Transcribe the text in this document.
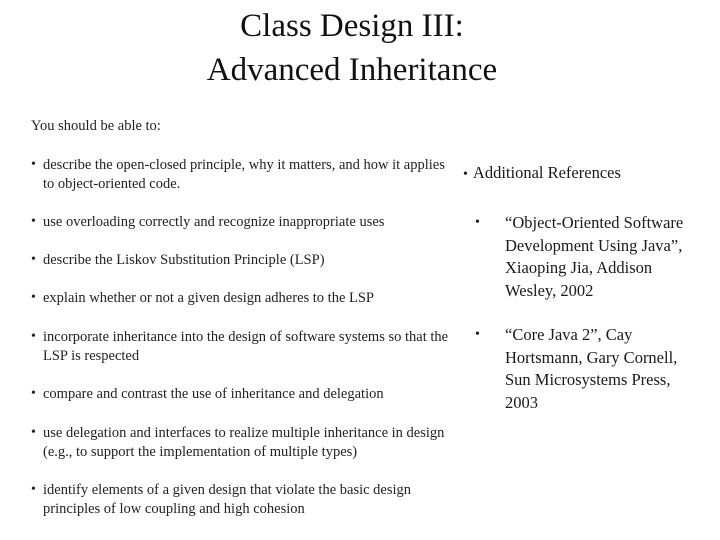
Class Design III:
Advanced Inheritance
You should be able to:
• describe the open-closed principle, why it matters, and how it applies to object-oriented code.
• use overloading correctly and recognize inappropriate uses
• describe the Liskov Substitution Principle (LSP)
• explain whether or not a given design adheres to the LSP
• incorporate inheritance into the design of software systems so that the LSP is respected
• compare and contrast the use of inheritance and delegation
• use delegation and interfaces to realize multiple inheritance in design (e.g., to support the implementation of multiple types)
• identify elements of a given design that violate the basic design principles of low coupling and high cohesion
• Additional References
• “Object-Oriented Software Development Using Java”, Xiaoping Jia, Addison Wesley, 2002
• “Core Java 2”, Cay Hortsmann, Gary Cornell, Sun Microsystems Press, 2003
